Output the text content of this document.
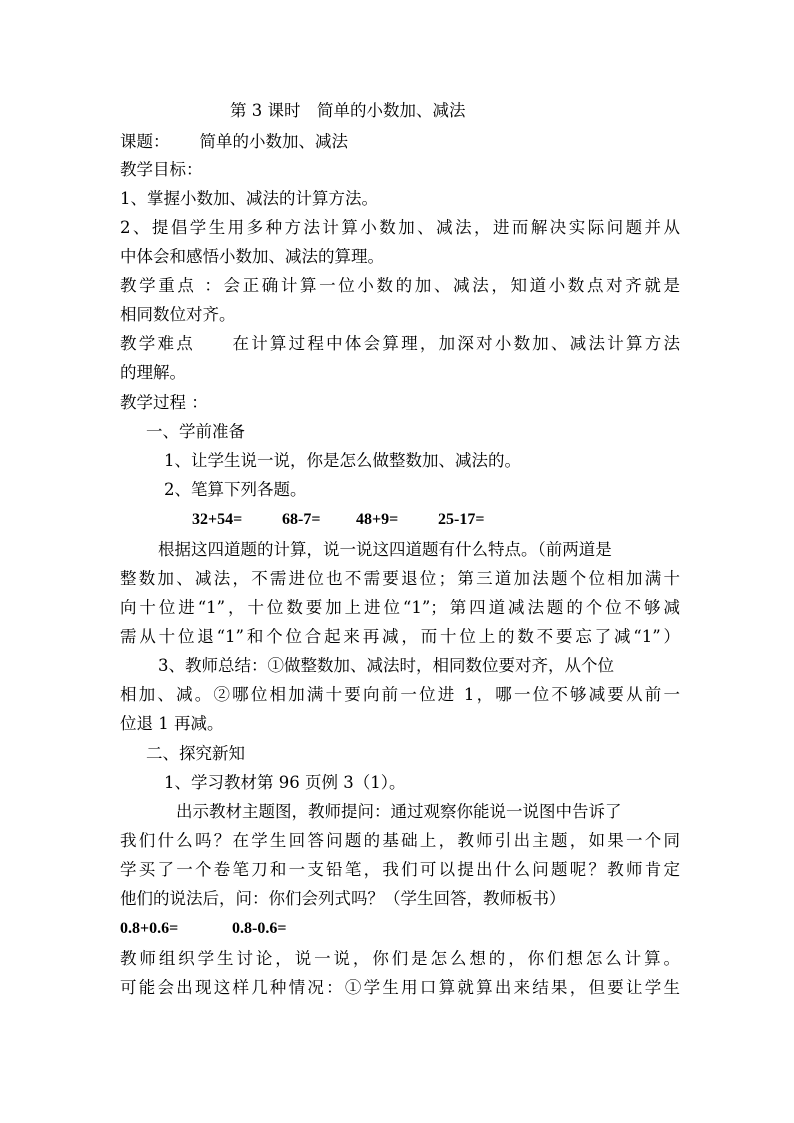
第 3 课时　简单的小数加、减法
课题： 简单的小数加、减法
教学目标：
1、掌握小数加、减法的计算方法。
2、提倡学生用多种方法计算小数加、减法，进而解决实际问题并从
中体会和感悟小数加、减法的算理。
教学重点 ：会正确计算一位小数的加、减法，知道小数点对齐就是
相同数位对齐。
教学难点　　在计算过程中体会算理，加深对小数加、减法计算方法
的理解。
教学过程 ：
一、学前准备
1、让学生说一说，你是怎么做整数加、减法的。
2、笔算下列各题。
32+54= 68-7= 48+9= 25-17=
根据这四道题的计算，说一说这四道题有什么特点。（前两道是
整数加、减法，不需进位也不需要退位；第三道加法题个位相加满十
向十位进“1”，十位数要加上进位“1”；第四道减法题的个位不够减
需从十位退“1”和个位合起来再减，而十位上的数不要忘了减“1”）
3、教师总结：①做整数加、减法时，相同数位要对齐，从个位
相加、减。②哪位相加满十要向前一位进 1，哪一位不够减要从前一
位退 1 再减。
二、探究新知
1、学习教材第 96 页例 3（1）。
出示教材主题图，教师提问：通过观察你能说一说图中告诉了
我们什么吗？在学生回答问题的基础上，教师引出主题，如果一个同
学买了一个卷笔刀和一支铅笔，我们可以提出什么问题呢？教师肯定
他们的说法后，问：你们会列式吗？（学生回答，教师板书）
0.8+0.6=	0.8-0.6=
教师组织学生讨论，说一说，你们是怎么想的，你们想怎么计算。
可能会出现这样几种情况：①学生用口算就算出来结果，但要让学生
